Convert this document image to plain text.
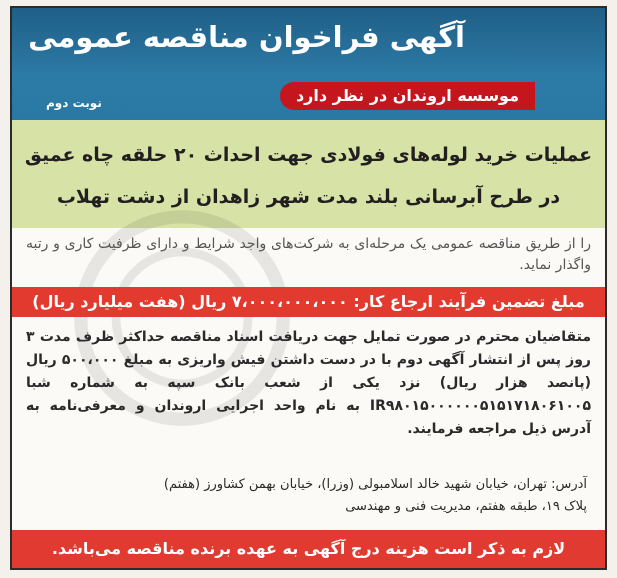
آگهی فراخوان مناقصه عمومی
موسسه اروندان در نظر دارد
نوبت دوم
عملیات خرید لوله‌های فولادی جهت احداث ۲۰ حلقه چاه عمیق
در طرح آبرسانی بلند مدت شهر زاهدان از دشت تهلاب
را از طریق مناقصه عمومی یک مرحله‌ای به شرکت‌های واجد شرایط و دارای ظرفیت کاری و رتبه واگذار نماید.
مبلغ تضمین فرآیند ارجاع کار: ۷،۰۰۰،۰۰۰،۰۰۰ ریال (هفت میلیارد ریال)
متقاضیان محترم در صورت تمایل جهت دریافت اسناد مناقصه حداکثر ظرف مدت ۳ روز پس از انتشار آگهی دوم با در دست داشتن فیش واریزی به مبلغ ۵۰۰،۰۰۰ ریال (پانصد هزار ریال) نزد یکی از شعب بانک سپه به شماره شبا IR۹۸۰۱۵۰۰۰۰۰۰۵۱۵۱۷۱۸۰۶۱۰۰۵ به نام واحد اجرایی اروندان و معرفی‌نامه به آدرس ذیل مراجعه فرمایند.
آدرس: تهران، خیابان شهید خالد اسلامبولی (وزرا)، خیابان بهمن کشاورز (هفتم)
پلاک ۱۹، طبقه هفتم، مدیریت فنی و مهندسی
لازم به ذکر است هزینه درج آگهی به عهده برنده مناقصه می‌باشد.
